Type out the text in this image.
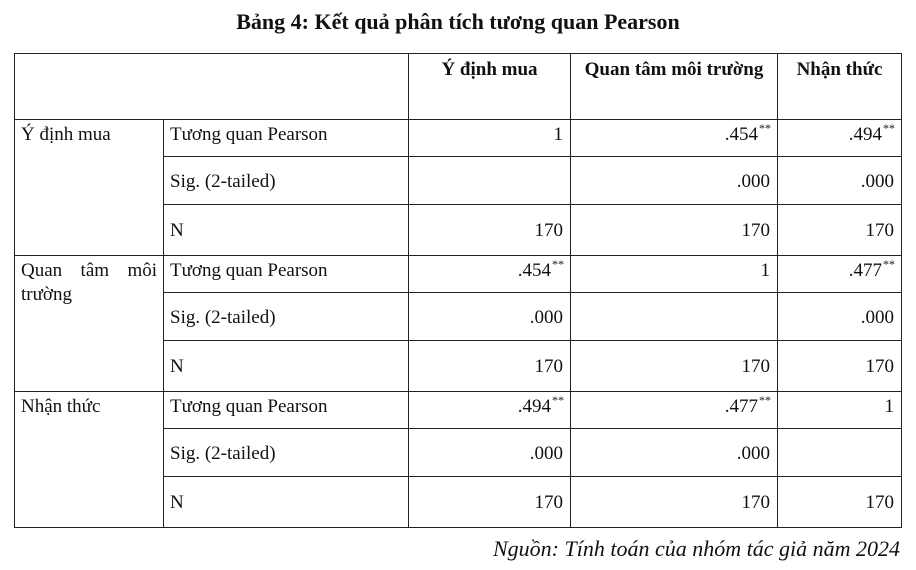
Bảng 4: Kết quả phân tích tương quan Pearson
		Ý định mua	Quan tâm môi trường	Nhận thức
Ý định mua	Tương quan Pearson	1	.454**	.494**
	Sig. (2-tailed)		.000	.000
	N	170	170	170
Quan tâm môi trường	Tương quan Pearson	.454**	1	.477**
	Sig. (2-tailed)	.000		.000
	N	170	170	170
Nhận thức	Tương quan Pearson	.494**	.477**	1
	Sig. (2-tailed)	.000	.000	
	N	170	170	170
Nguồn: Tính toán của nhóm tác giả năm 2024
